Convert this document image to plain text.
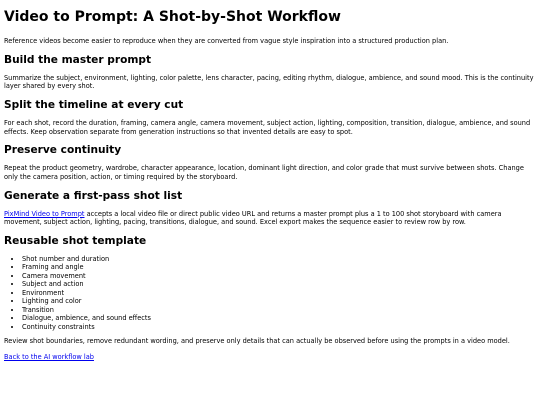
Video to Prompt: A Shot-by-Shot Workflow

Reference videos become easier to reproduce when they are converted from vague style inspiration into a structured production plan.

Build the master prompt

Summarize the subject, environment, lighting, color palette, lens character, pacing, editing rhythm, dialogue, ambience, and sound mood. This is the continuity layer shared by every shot.

Split the timeline at every cut

For each shot, record the duration, framing, camera angle, camera movement, subject action, lighting, composition, transition, dialogue, ambience, and sound effects. Keep observation separate from generation instructions so that invented details are easy to spot.

Preserve continuity

Repeat the product geometry, wardrobe, character appearance, location, dominant light direction, and color grade that must survive between shots. Change only the camera position, action, or timing required by the storyboard.

Generate a first-pass shot list

PixMind Video to Prompt accepts a local video file or direct public video URL and returns a master prompt plus a 1 to 100 shot storyboard with camera movement, subject action, lighting, pacing, transitions, dialogue, and sound. Excel export makes the sequence easier to review row by row.

Reusable shot template
• Shot number and duration
• Framing and angle
• Camera movement
• Subject and action
• Environment
• Lighting and color
• Transition
• Dialogue, ambience, and sound effects
• Continuity constraints

Review shot boundaries, remove redundant wording, and preserve only details that can actually be observed before using the prompts in a video model.

Back to the AI workflow lab
